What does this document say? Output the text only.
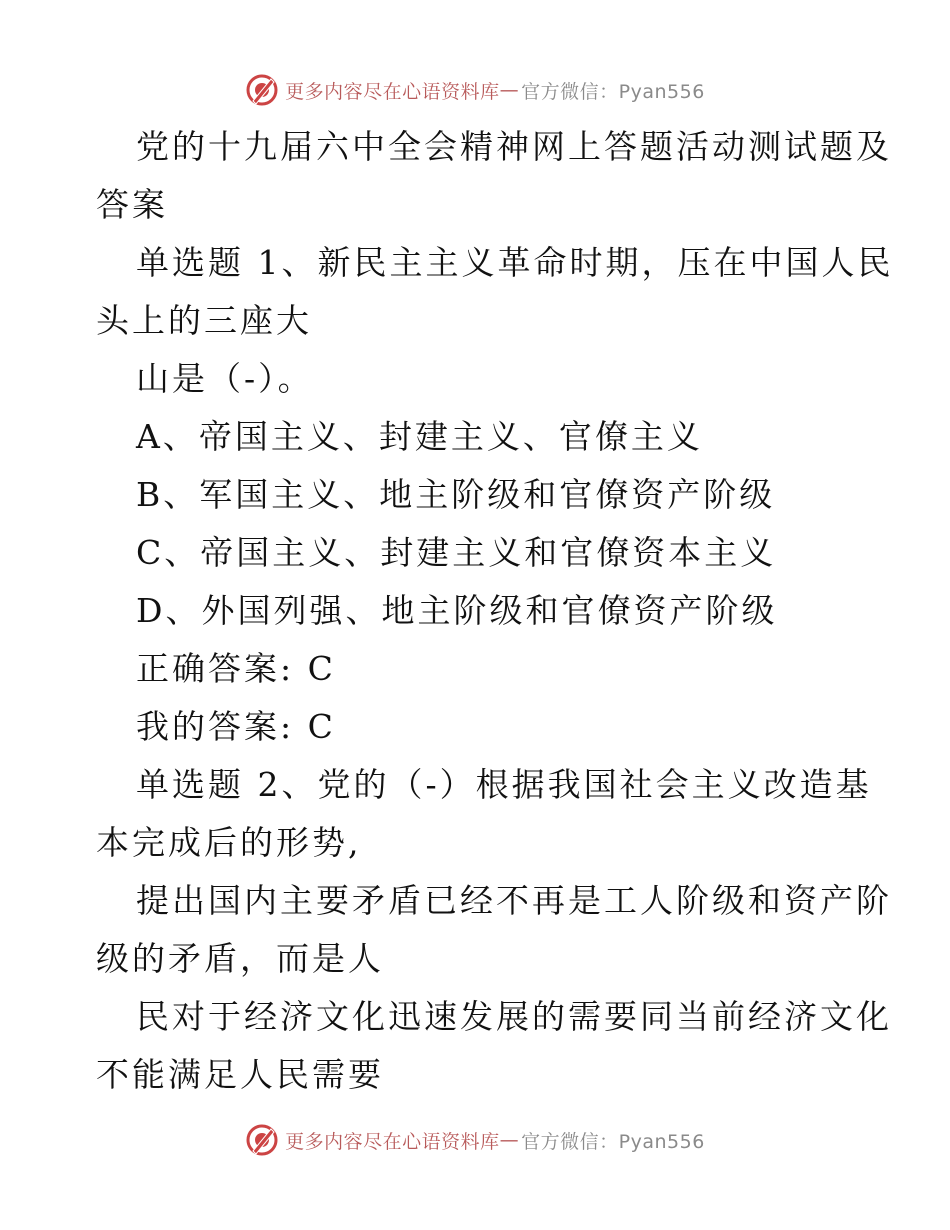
更多内容尽在心语资料库 — 官方微信：Pyan556

党的十九届六中全会精神网上答题活动测试题及

答案

单选题 1、新民主主义革命时期，压在中国人民

头上的三座大

山是（-）。

A、帝国主义、封建主义、官僚主义

B、军国主义、地主阶级和官僚资产阶级

C、帝国主义、封建主义和官僚资本主义

D、外国列强、地主阶级和官僚资产阶级

正确答案: C

我的答案: C

单选题 2、党的（-）根据我国社会主义改造基

本完成后的形势,

提出国内主要矛盾已经不再是工人阶级和资产阶

级的矛盾，而是人

民对于经济文化迅速发展的需要同当前经济文化

不能满足人民需要

更多内容尽在心语资料库 — 官方微信：Pyan556
